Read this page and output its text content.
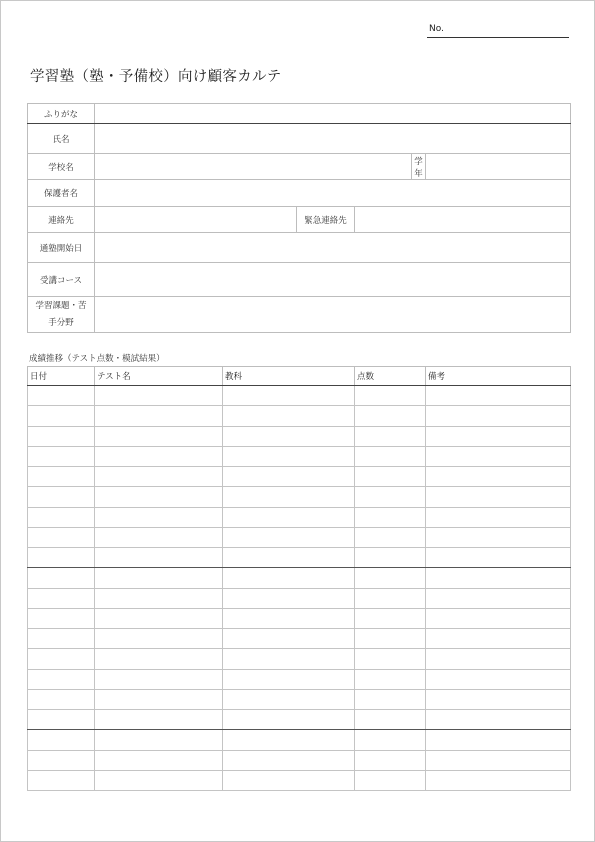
No.
学習塾（塾・予備校）向け顧客カルテ
ふりがな					
氏名					
学校名				学年	
保護者名					
連絡先		緊急連絡先			
通塾開始日					
受講コース					
学習課題・苦
手分野					
成績推移（テスト点数・模試結果）
日付	テスト名	教科	点数	備考
